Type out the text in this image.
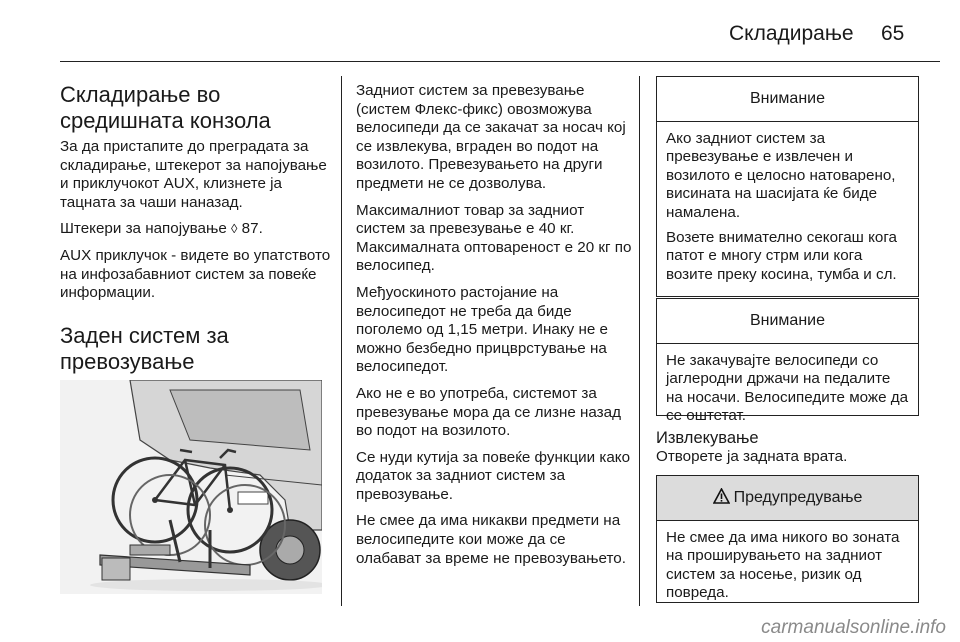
Складирање 65
Складирање во средишната конзола

За да пристапите до преградата за складирање, штекерот за напојување и приклучокот AUX, клизнете ја тацната за чаши наназад.

Штекери за напојување ◊ 87.

AUX приклучок - видете во упатството на инфозабавниот систем за повеќе информации.

Заден систем за превозување

Задниот систем за превезување (систем Флекс-фикс) овозможува велосипеди да се закачат за носач кој се извлекува, вграден во подот на возилото. Превезувањето на други предмети не се дозволува.

Максималниот товар за задниот систем за превезување е 40 кг. Максималната оптовареност е 20 кг по велосипед.

Међуоскиното растојание на велосипедот не треба да биде поголемо од 1,15 метри. Инаку не е можно безбедно прицврстување на велосипедот.

Ако не е во употреба, системот за превезување мора да се лизне назад во подот на возилото.

Се нуди кутија за повеќе функции како додаток за задниот систем за превозување.

Не смее да има никакви предмети на велосипедите кои може да се олабават за време не превозувањето.

Внимание

Ако задниот систем за превезување е извлечен и возилото е целосно натоварено, висината на шасијата ќе биде намалена.

Возете внимателно секогаш кога патот е многу стрм или кога возите преку косина, тумба и сл.

Внимание

Не закачувајте велосипеди со јаглеродни држачи на педалите на носачи. Велосипедите може да се оштетат.

Извлекување
Отворете ја задната врата.
Предупредување

Не смее да има никого во зоната на проширувањето на задниот систем за носење, ризик од повреда.

carmanualsonline.info
